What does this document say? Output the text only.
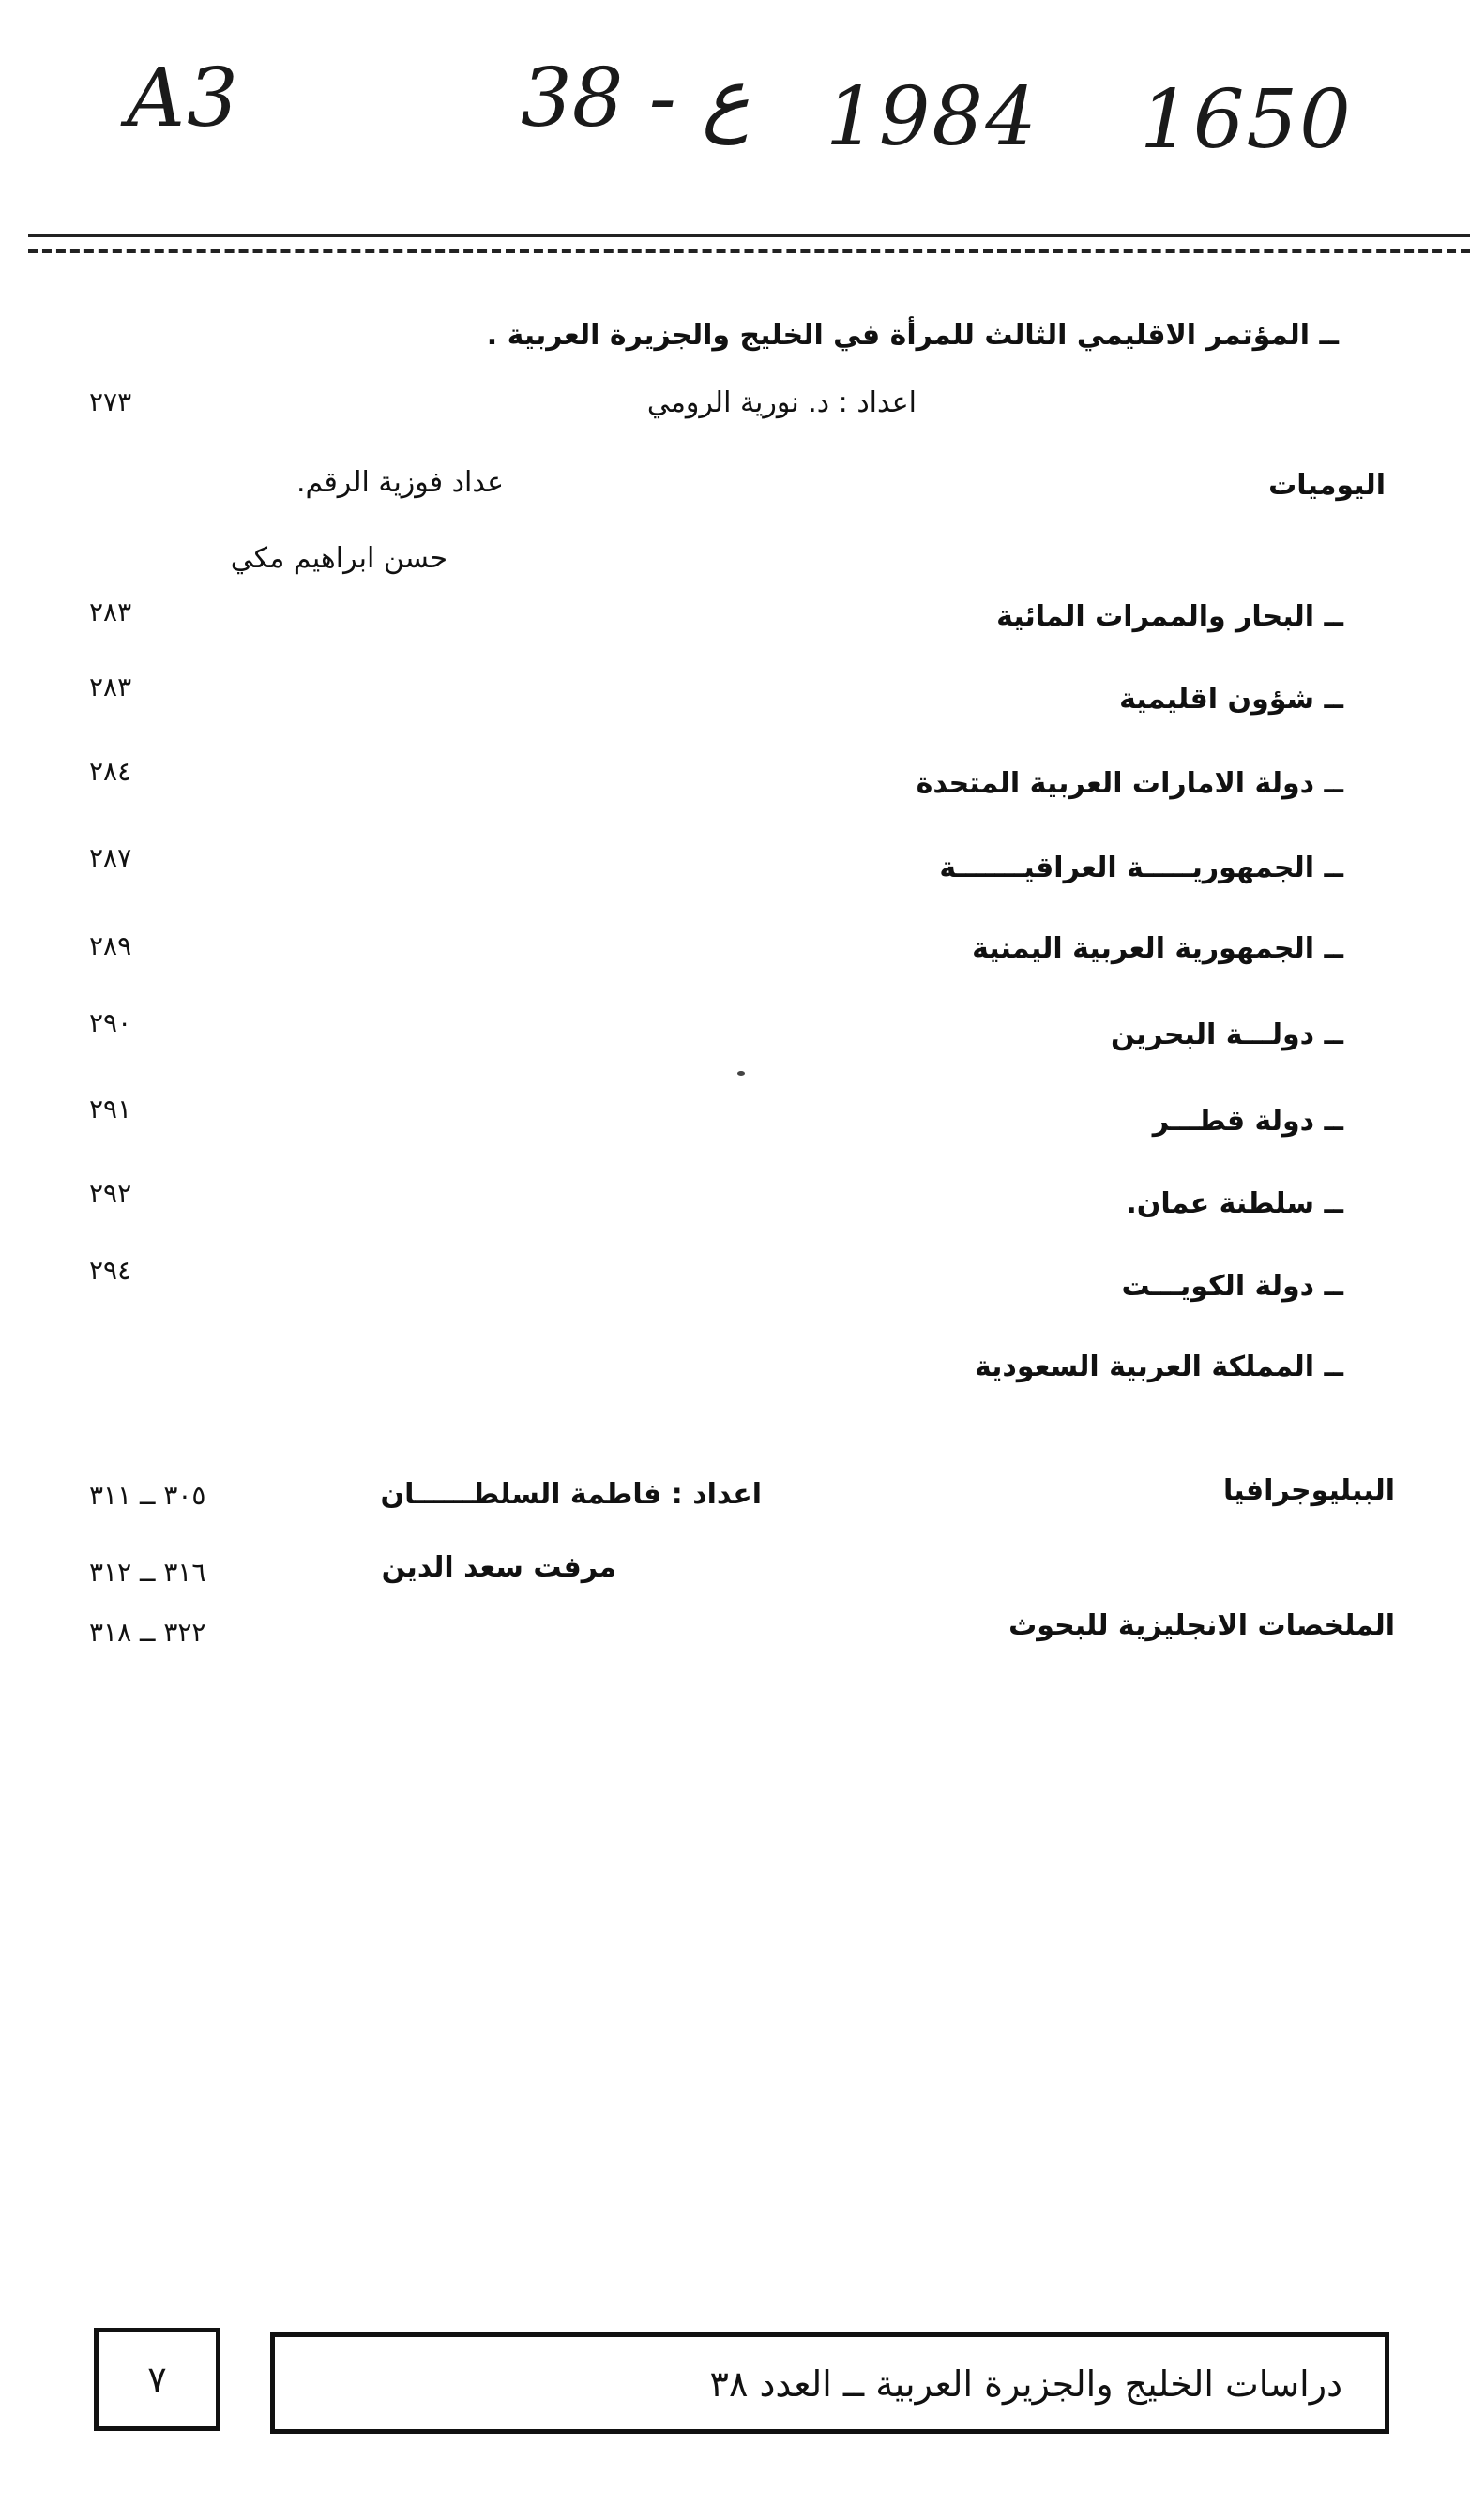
A3	38 - ع 1984 1650
ــ المؤتمر الاقليمي الثالث للمرأة في الخليج والجزيرة العربية .
اعداد : د. نورية الرومي
٢٧٣
اليوميات
عداد فوزية الرقم.
حسن ابراهيم مكي
ــ البحار والممرات المائية
٢٨٣
ــ شؤون اقليمية
٢٨٣
ــ دولة الامارات العربية المتحدة
٢٨٤
ــ الجمهوريـــــة العراقيـــــــة
٢٨٧
ــ الجمهورية العربية اليمنية
٢٨٩
ــ دولـــة البحرين
٢٩٠
ــ دولة قطـــر
٢٩١
ــ سلطنة عمان.
٢٩٢
ــ دولة الكويـــت
٢٩٤
ــ المملكة العربية السعودية
الببليوجرافيا
اعداد : فاطمة السلطــــــان
٣٠٥ ــ ٣١١
مرفت سعد الدين
٣١٦ ــ ٣١٢
الملخصات الانجليزية للبحوث
٣٢٢ ــ ٣١٨
٧	دراسات الخليج والجزيرة العربية ــ العدد ٣٨
